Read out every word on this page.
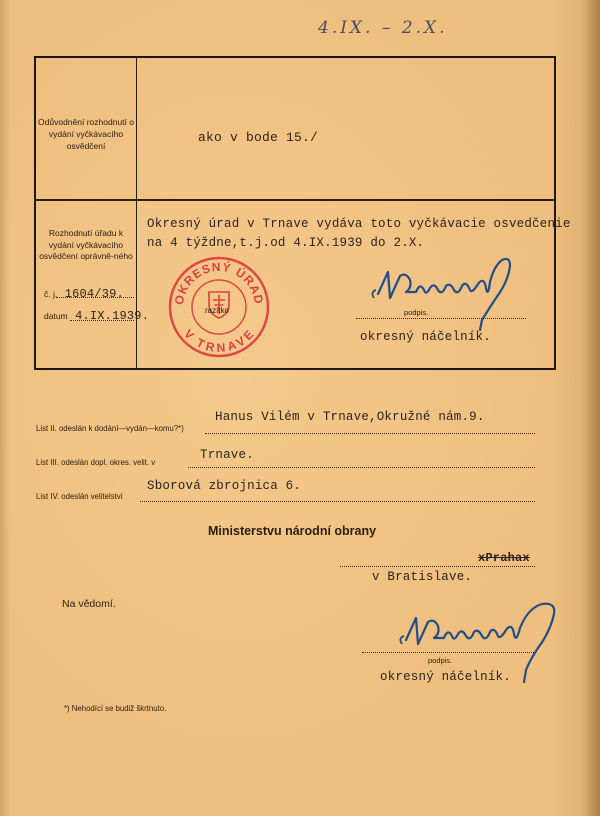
4.IX. – 2.X.
Odůvodnění rozhodnutí o vydání vyčkávacího osvědčení
ako v bode 15./
Rozhodnutí úřadu k vydání vyčkávacího osvědčení oprávně-ného
č. j. 1604/39.
datum 4.IX.1939.
Okresný úrad v Trnave vydáva toto vyčkávacie osvedčenie
na 4 týždne,t.j.od 4.IX.1939 do 2.X.
OKRESNÝ ÚRAD
V TRNAVE
razítko	podpis.
okresný náčelník.
List II. odeslán k dodání—vydán—komu?*)
Hanus Vilém v Trnave,Okružné nám.9.
List III. odeslán dopl. okres. velit. v
Trnave.
List IV. odeslán velitelství
Sborová zbrojnica 6.
Ministerstvu národní obrany
xPrahax
v Bratislave.
Na vědomí.
podpis.
okresný náčelník.
*) Nehodící se budiž škrtnuto.
